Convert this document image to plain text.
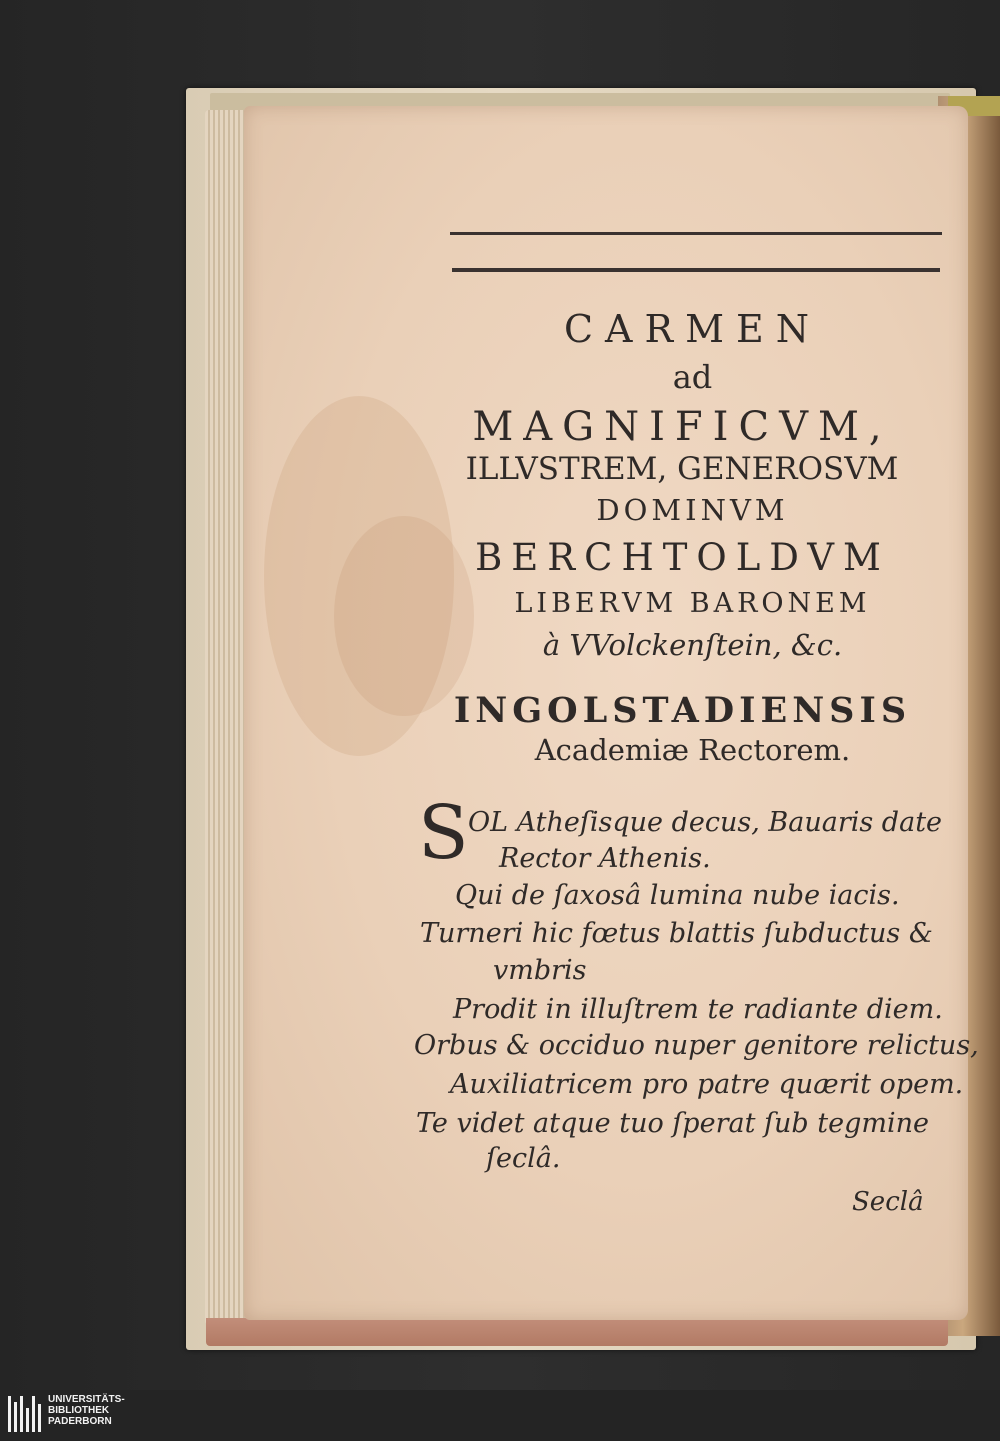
CARMEN
ad
MAGNIFICVM,
ILLVSTREM, GENEROSVM
DOMINVM
BERCHTOLDVM
LIBERVM BARONEM
à VVolckenſtein, &c.
INGOLSTADIENSIS
Academiæ Rectorem.
S OL Atheſisque decus, Bauaris date
Rector Athenis.
Qui de ſaxosâ lumina nube iacis.
Turneri hic fœtus blattis ſubductus &
vmbris
Prodit in illuſtrem te radiante diem.
Orbus & occiduo nuper genitore relictus,
Auxiliatricem pro patre quærit opem.
Te videt atque tuo ſperat ſub tegmine
ſeclâ.
Seclâ
UNIVERSITÄTS-
BIBLIOTHEK
PADERBORN
